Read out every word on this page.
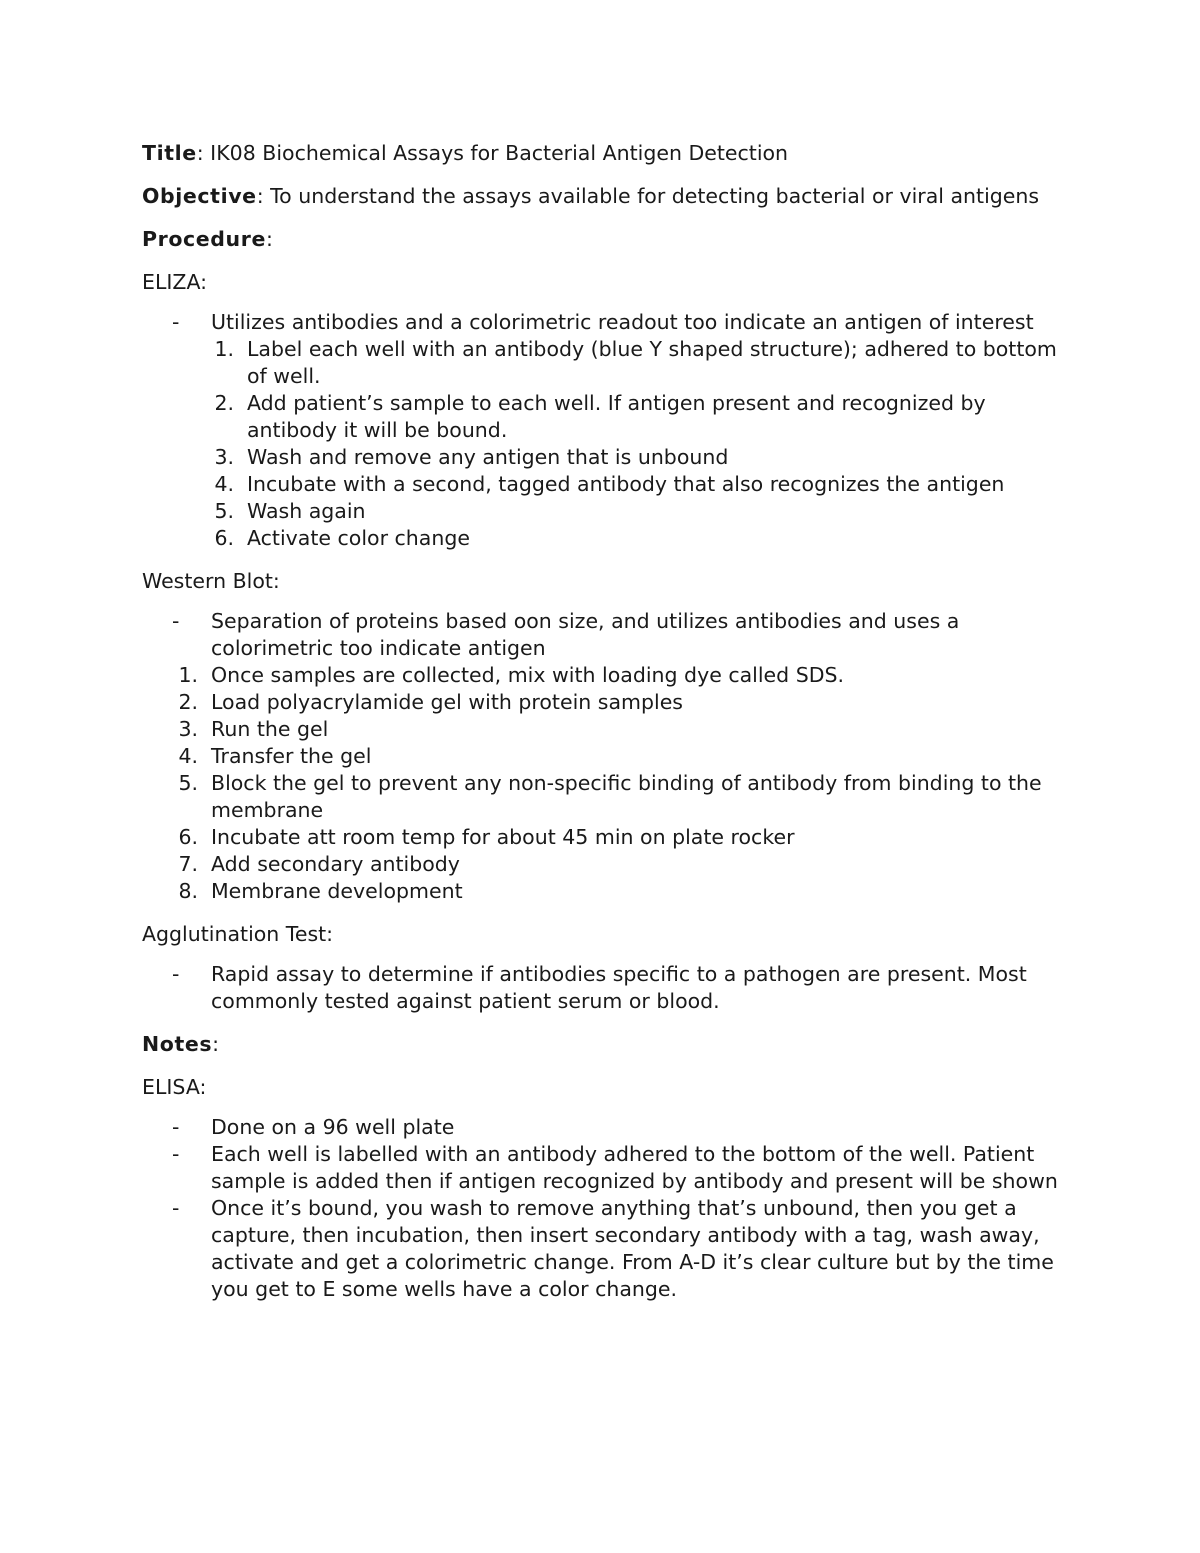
Title: IK08 Biochemical Assays for Bacterial Antigen Detection

Objective: To understand the assays available for detecting bacterial or viral antigens

Procedure:

ELIZA:

- Utilizes antibodies and a colorimetric readout too indicate an antigen of interest
1. Label each well with an antibody (blue Y shaped structure); adhered to bottom of well.
2. Add patient’s sample to each well. If antigen present and recognized by antibody it will be bound.
3. Wash and remove any antigen that is unbound
4. Incubate with a second, tagged antibody that also recognizes the antigen
5. Wash again
6. Activate color change

Western Blot:

- Separation of proteins based oon size, and utilizes antibodies and uses a colorimetric too indicate antigen
1. Once samples are collected, mix with loading dye called SDS.
2. Load polyacrylamide gel with protein samples
3. Run the gel
4. Transfer the gel
5. Block the gel to prevent any non-specific binding of antibody from binding to the membrane
6. Incubate att room temp for about 45 min on plate rocker
7. Add secondary antibody
8. Membrane development

Agglutination Test:

- Rapid assay to determine if antibodies specific to a pathogen are present. Most commonly tested against patient serum or blood.

Notes:

ELISA:

- Done on a 96 well plate
- Each well is labelled with an antibody adhered to the bottom of the well. Patient sample is added then if antigen recognized by antibody and present will be shown
- Once it’s bound, you wash to remove anything that’s unbound, then you get a capture, then incubation, then insert secondary antibody with a tag, wash away, activate and get a colorimetric change. From A-D it’s clear culture but by the time you get to E some wells have a color change.
